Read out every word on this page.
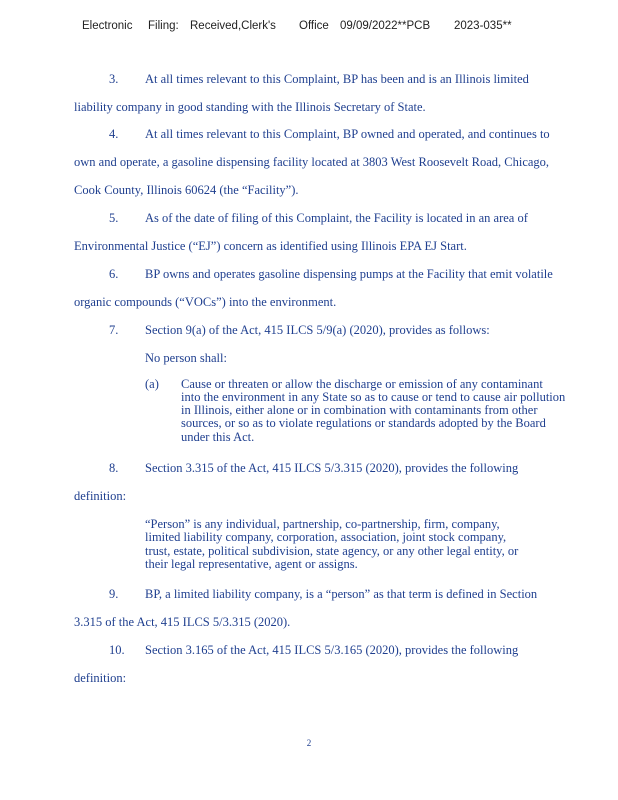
Electronic Filing: Received,Clerk's Office 09/09/2022**PCB 2023-035**
3. At all times relevant to this Complaint, BP has been and is an Illinois limited
liability company in good standing with the Illinois Secretary of State.
4. At all times relevant to this Complaint, BP owned and operated, and continues to
own and operate, a gasoline dispensing facility located at 3803 West Roosevelt Road, Chicago,
Cook County, Illinois 60624 (the “Facility”).
5. As of the date of filing of this Complaint, the Facility is located in an area of
Environmental Justice (“EJ”) concern as identified using Illinois EPA EJ Start.
6. BP owns and operates gasoline dispensing pumps at the Facility that emit volatile
organic compounds (“VOCs”) into the environment.
7. Section 9(a) of the Act, 415 ILCS 5/9(a) (2020), provides as follows:
No person shall:
(a) Cause or threaten or allow the discharge or emission of any contaminant
into the environment in any State so as to cause or tend to cause air pollution
in Illinois, either alone or in combination with contaminants from other
sources, or so as to violate regulations or standards adopted by the Board
under this Act.
8. Section 3.315 of the Act, 415 ILCS 5/3.315 (2020), provides the following
definition:
“Person” is any individual, partnership, co-partnership, firm, company,
limited liability company, corporation, association, joint stock company,
trust, estate, political subdivision, state agency, or any other legal entity, or
their legal representative, agent or assigns.
9. BP, a limited liability company, is a “person” as that term is defined in Section
3.315 of the Act, 415 ILCS 5/3.315 (2020).
10. Section 3.165 of the Act, 415 ILCS 5/3.165 (2020), provides the following
definition:
2
